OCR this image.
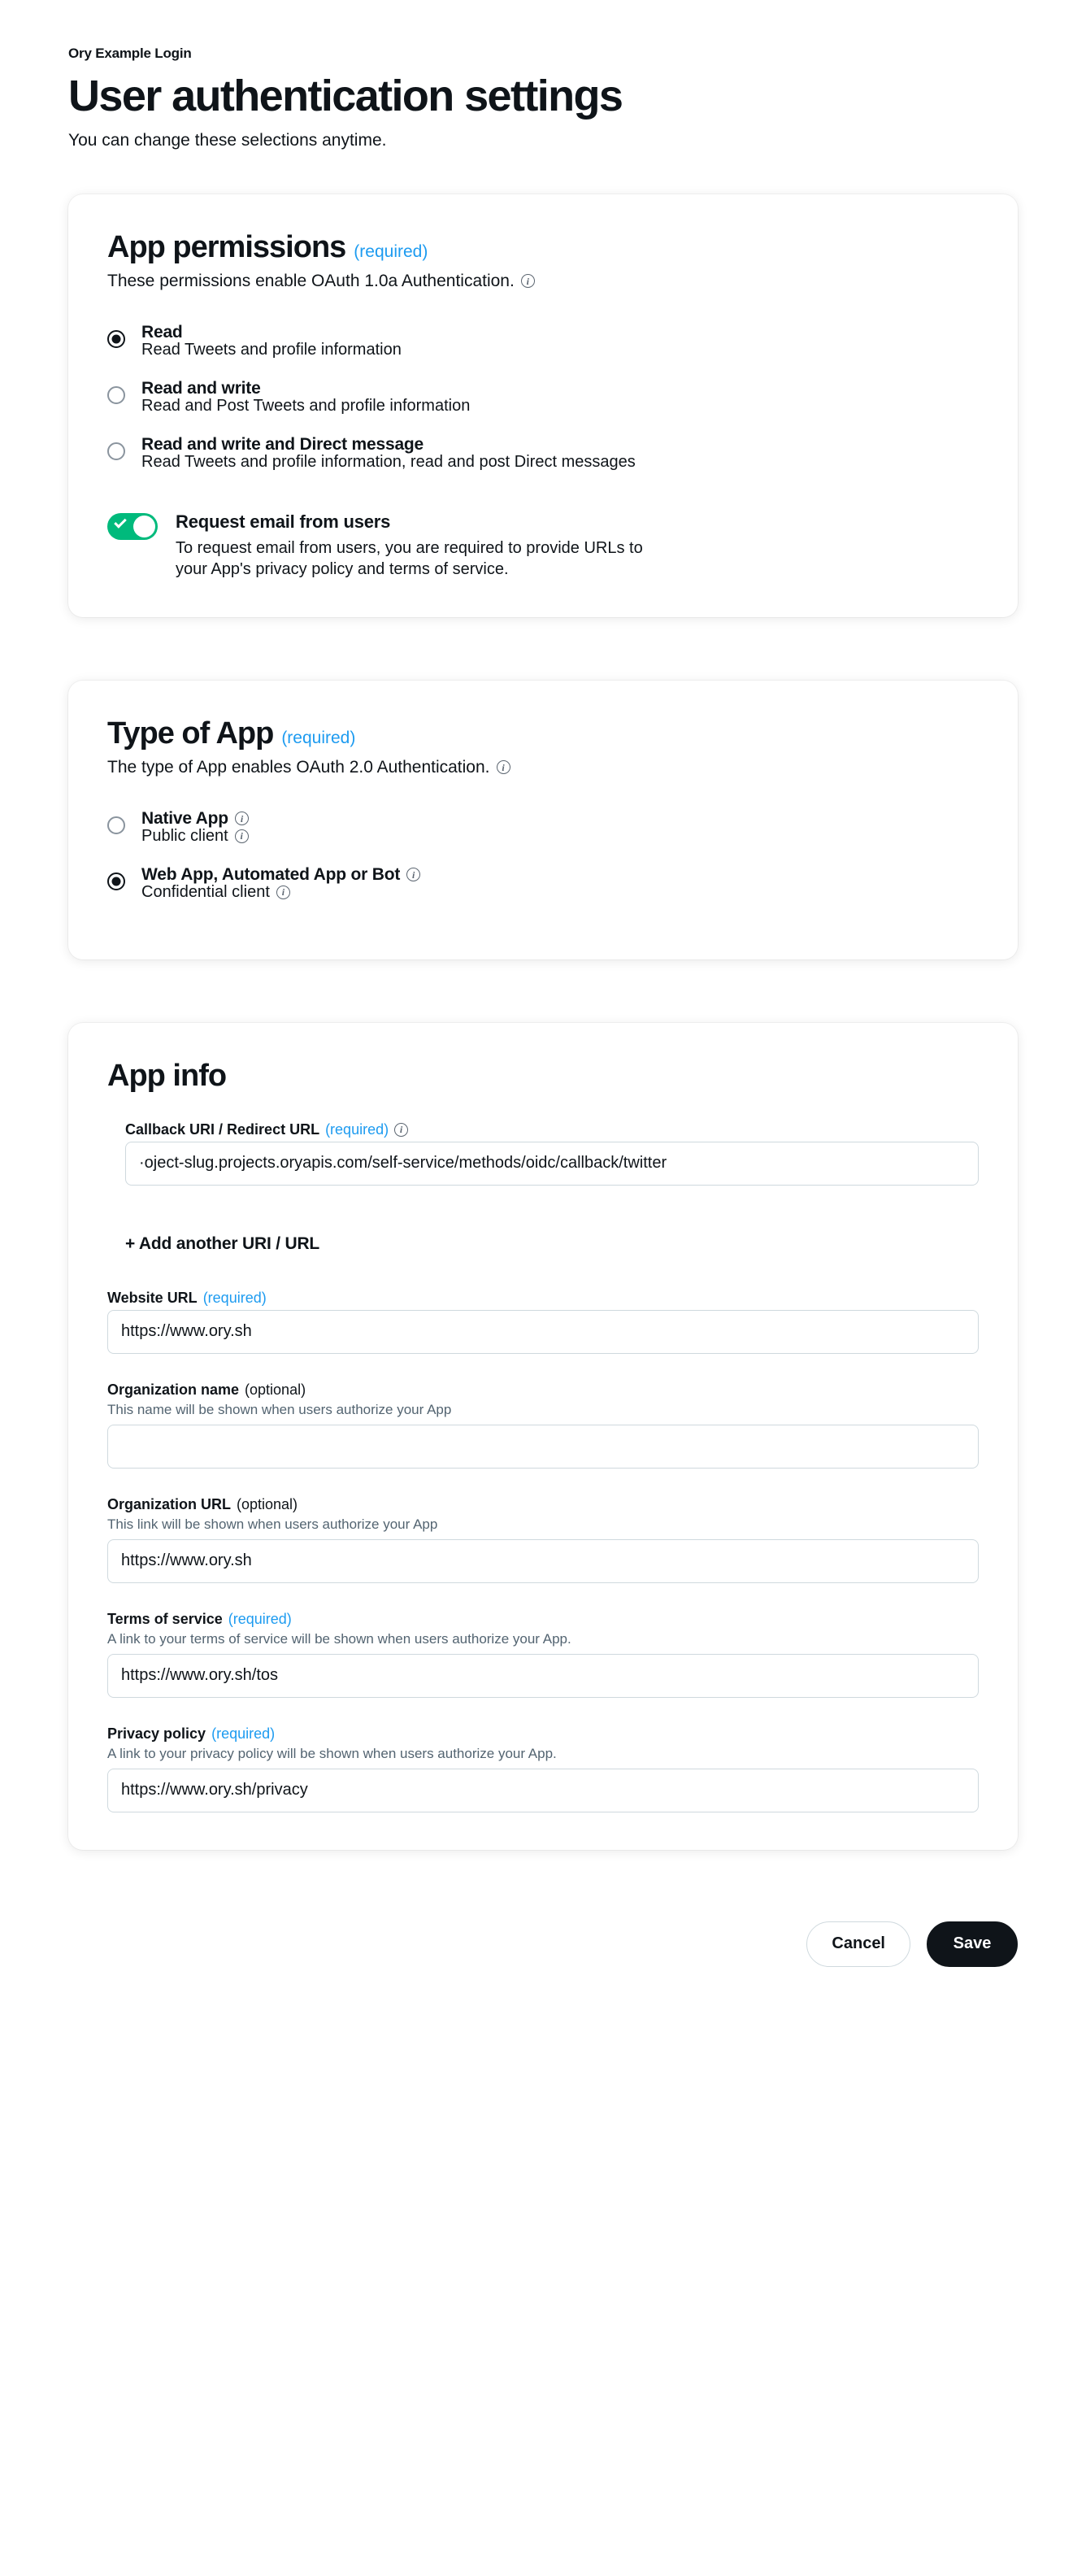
Ory Example Login
User authentication settings

You can change these selections anytime.

App permissions (required)
These permissions enable OAuth 1.0a Authentication.	i
Read
Read Tweets and profile information
Read and write
Read and Post Tweets and profile information
Read and write and Direct message
Read Tweets and profile information, read and post Direct messages
Request email from users
To request email from users, you are required to provide URLs to your App's privacy policy and terms of service.
Type of App (required)
The type of App enables OAuth 2.0 Authentication.	i
Native App	i

Public client	i
Web App, Automated App or Bot	i

Confidential client	i
App info
Callback URI / Redirect URL (required)	i
·oject-slug.projects.oryapis.com/self-service/methods/oidc/callback/twitter
+ Add another URI / URL
Website URL (required)
https://www.ory.sh
Organization name (optional)
This name will be shown when users authorize your App
Organization URL (optional)
This link will be shown when users authorize your App
https://www.ory.sh
Terms of service (required)
A link to your terms of service will be shown when users authorize your App.
https://www.ory.sh/tos
Privacy policy (required)
A link to your privacy policy will be shown when users authorize your App.
https://www.ory.sh/privacy
Cancel	Save
